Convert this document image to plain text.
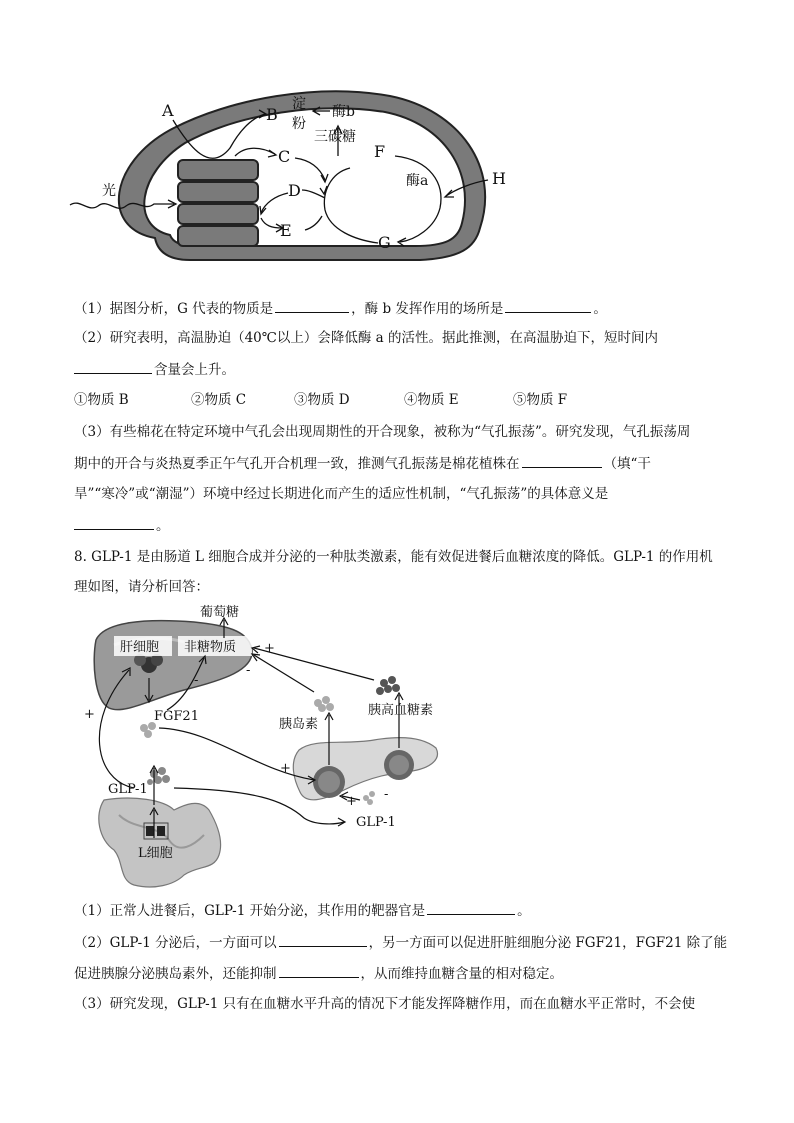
A	B
C
D
E
F
G
H
光
淀
粉
酶b
三碳糖
酶a
（1）据图分析，G 代表的物质是	，酶 b 发挥作用的场所是	。
（2）研究表明，高温胁迫（40℃以上）会降低酶 a 的活性。据此推测，在高温胁迫下，短时间内
含量会上升。
①物质 B	②物质 C	③物质 D	④物质 E	⑤物质 F
（3）有些棉花在特定环境中气孔会出现周期性的开合现象，被称为“气孔振荡”。研究发现，气孔振荡周
期中的开合与炎热夏季正午气孔开合机理一致，推测气孔振荡是棉花植株在	（填“干
旱”“寒冷”或“潮湿”）环境中经过长期进化而产生的适应性机制，“气孔振荡”的具体意义是
。
8. GLP-1 是由肠道 L 细胞合成并分泌的一种肽类激素，能有效促进餐后血糖浓度的降低。GLP-1 的作用机
理如图，请分析回答：
葡萄糖
肝细胞 非糖物质
FGF21
胰岛素
胰高血糖素
GLP-1
GLP-1
L细胞
+
-
-
+
+
+ -
（1）正常人进餐后，GLP-1 开始分泌，其作用的靶器官是	。
（2）GLP-1 分泌后，一方面可以	，另一方面可以促进肝脏细胞分泌 FGF21，FGF21 除了能
促进胰腺分泌胰岛素外，还能抑制	，从而维持血糖含量的相对稳定。
（3）研究发现，GLP-1 只有在血糖水平升高的情况下才能发挥降糖作用，而在血糖水平正常时，不会使
